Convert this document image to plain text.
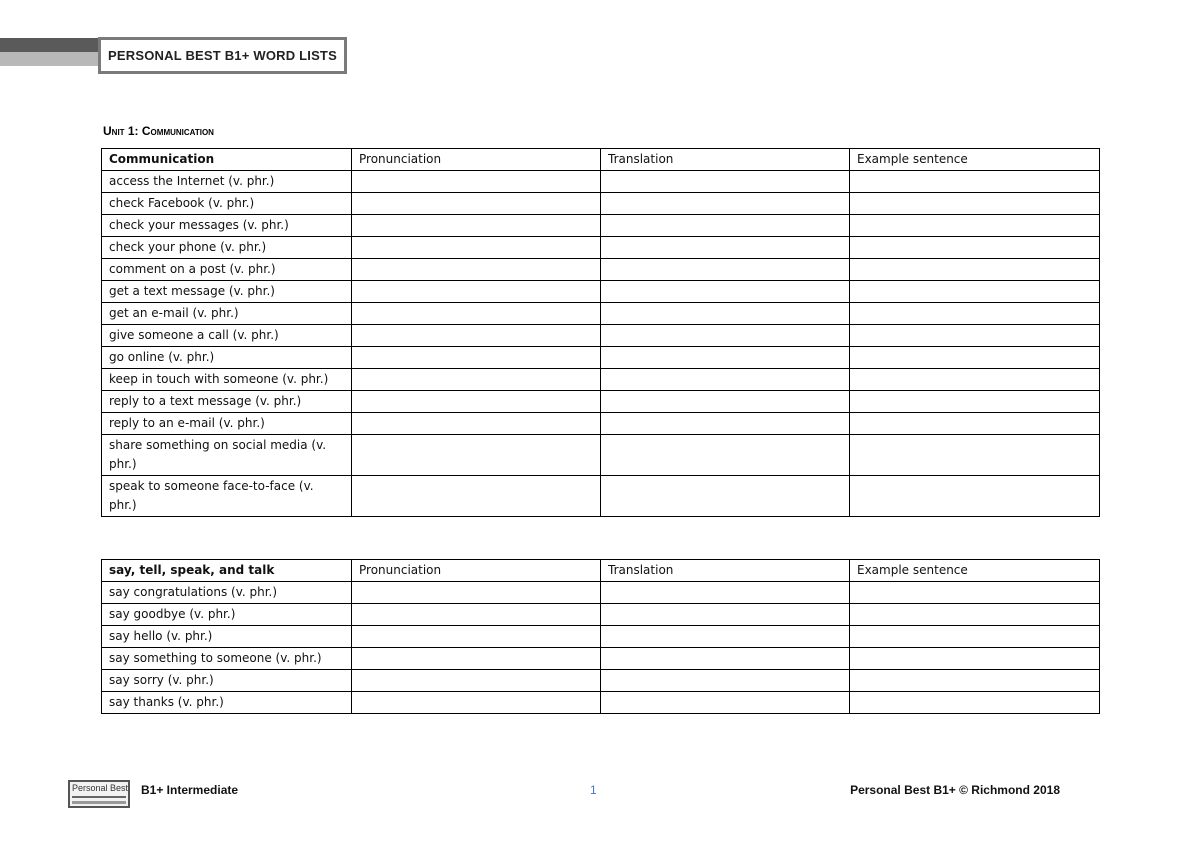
PERSONAL BEST B1+ WORD LISTS
Unit 1: Communication
Communication	Pronunciation	Translation	Example sentence
access the Internet (v. phr.)			
check Facebook (v. phr.)			
check your messages (v. phr.)			
check your phone (v. phr.)			
comment on a post (v. phr.)			
get a text message (v. phr.)			
get an e-mail (v. phr.)			
give someone a call (v. phr.)			
go online (v. phr.)			
keep in touch with someone (v. phr.)			
reply to a text message (v. phr.)			
reply to an e-mail (v. phr.)			
share something on social media (v. phr.)			
speak to someone face-to-face (v. phr.)			
say, tell, speak, and talk	Pronunciation	Translation	Example sentence
say congratulations (v. phr.)			
say goodbye (v. phr.)			
say hello (v. phr.)			
say something to someone (v. phr.)			
say sorry (v. phr.)			
say thanks (v. phr.)			
Personal Best B1+ Intermediate	1	Personal Best B1+ © Richmond 2018
